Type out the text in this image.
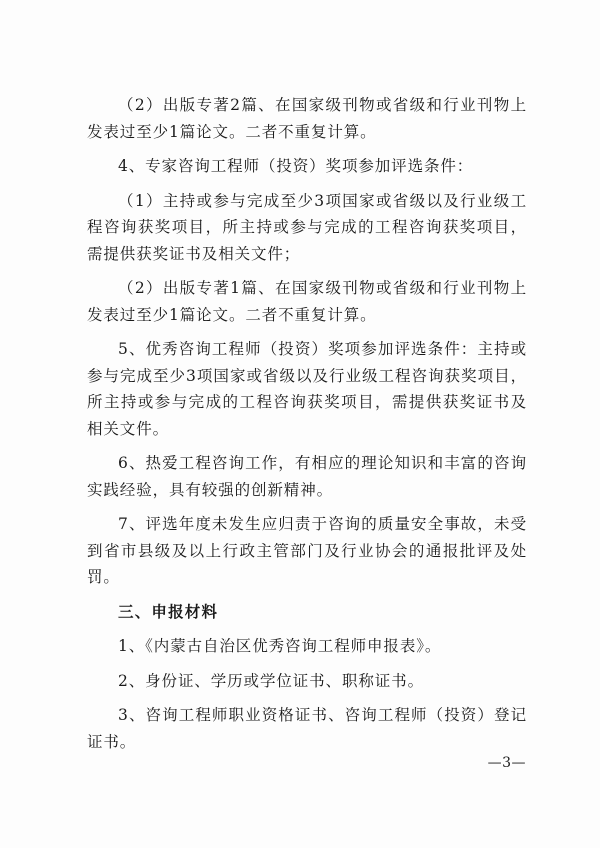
（2）出版专著2篇、在国家级刊物或省级和行业刊物上发表过至少1篇论文。二者不重复计算。

4、专家咨询工程师（投资）奖项参加评选条件：

（1）主持或参与完成至少3项国家或省级以及行业级工程咨询获奖项目，所主持或参与完成的工程咨询获奖项目，需提供获奖证书及相关文件；

（2）出版专著1篇、在国家级刊物或省级和行业刊物上发表过至少1篇论文。二者不重复计算。

5、优秀咨询工程师（投资）奖项参加评选条件：主持或参与完成至少3项国家或省级以及行业级工程咨询获奖项目，所主持或参与完成的工程咨询获奖项目，需提供获奖证书及相关文件。

6、热爱工程咨询工作，有相应的理论知识和丰富的咨询实践经验，具有较强的创新精神。

7、评选年度未发生应归责于咨询的质量安全事故，未受到省市县级及以上行政主管部门及行业协会的通报批评及处罚。

三、申报材料

1、《内蒙古自治区优秀咨询工程师申报表》。

2、身份证、学历或学位证书、职称证书。

3、咨询工程师职业资格证书、咨询工程师（投资）登记证书。

—3—
